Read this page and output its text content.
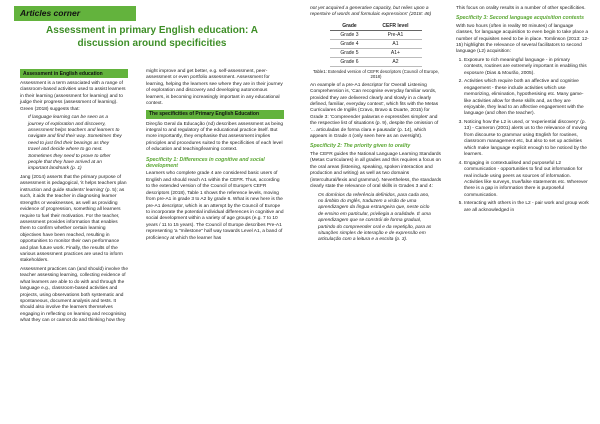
Articles corner
Assessment in primary English education: A discussion around specificities
Assessment in English education

Assessment is a term associated with a range of classroom-based activities used to assist learners in their learning (assessment for learning) and to judge their progress (assessment of learning). Green (2018) suggests that:

If language learning can be seen as a journey of exploration and discovery, assessment helps teachers and learners to navigate and find their way. Sometimes they need to just find their bearings as they travel and decide where to go next. Sometimes they need to prove to other people that they have arrived at an important landmark (p. 1)

Jang (2014) asserts that the primary purpose of assessment is pedagogical, 'it helps teachers plan instruction and guide students' learning' (p. 5); as such, it aids the teacher in diagnosing learner strengths or weaknesses, as well as providing evidence of progression, something all learners require to fuel their motivation. For the teacher, assessment provides information that enables them to confirm whether certain learning objectives have been reached, resulting in opportunities to monitor their own performance and plan future work. Finally, the results of the various assessment practices are used to inform stakeholders.

Assessment practices can (and should) involve the teacher assessing learning, collecting evidence of what learners are able to do with and through the language e.g., classroom-based activities and projects, using observations both systematic and spontaneous, document analysis and tests. It should also involve the learners themselves engaging in reflecting on learning and recognising what they can or cannot do and thinking how they

might improve and get better, e.g. self-assessment, peer-assessment or even portfolio assessment. Assessment for learning, helping the learners see where they are in their journey of exploration and discovery and developing autonomous learners, is becoming increasingly important in any educational context.

The specificities of Primary English Education

Direção Geral da Educação (nd) describes assessment as being integral to and regulatory of the educational practice itself. But more importantly, they emphasise that assessment implies principles and procedures suited to the specificities of each level of education and teaching/learning context.

Specificity 1: Differences in cognitive and social development

Learners who complete grade 4 are considered basic users of English and should reach A1 within the CEFR. Thus, according to the extended version of the Council of Europe's CEFR descriptors (2018), Table 1 shows the reference levels, moving from pre-A1 in grade 3 to A2 by grade 6. What is new here is the pre-A1 descriptor, which is an attempt by the Council of Europe to incorporate the potential individual differences in cognitive and social development within a variety of age groups (e.g. 7 to 10 years / 11 to 15 years). The Council of Europe describes Pre-A1 representing 'a "milestone" half way towards Level A1, a band of proficiency at which the learner has

not yet acquired a generative capacity, but relies upon a repertoire of words and formulaic expressions' (2018: 46)

Grade	CEFR level
Grade 3	Pre-A1
Grade 4	A1
Grade 5	A1+
Grade 6	A2
Table1: Extended version of CEFR descriptors (Council of Europe, 2018)

An example of a pre-A1 descriptor for Overall Listening Comprehension is, 'Can recognise everyday familiar words, provided they are delivered clearly and slowly in a clearly defined, familiar, everyday context', which fits with the Metas Curriculares de Inglês (Cravo, Bravo & Duarte, 2015) for Grade 3: 'Compreender palavras e expressões simples' and the respective list of situations (p. 9), despite the omission of '... articuladas de forma clara e pausada' (p. 14), which appears in Grade 4 (only seen here as an oversight).

Specificity 2: The priority given to orality

The CEFR guides the National Language Learning Standards (Metas Curriculares) in all grades and this requires a focus on the oral areas (listening, speaking, spoken interaction and production and writing) as well as two domains (intercultural/lexis and grammar). Nevertheless, the standards clearly state the relevance of oral skills in Grades 3 and 4:

Os domínios da referência definidos, para cada ano, no âmbito do Inglês, traduzem a visão de uma aprendizagem da língua estrangeira que, neste ciclo de ensino em particular, privilegia a oralidade. É uma aprendizagem que se constrói de forma gradual, partindo do compreender oral e da repetição, para as situações simples de interação e de expressão em articulação com a leitura e a escrita (p. 3).

This focus on orality results in a number of other specificities.

Specificity 3: Second language acquisition contexts

With two hours (often in reality 90 minutes) of language classes, for language acquisition to even begin to take place a number of requisites need to be in place. Tomlinson (2013: 12-15) highlights the relevance of several facilitators to second language (L2) acquisition:

1. Exposure to rich meaningful language - in primary contexts, routines are extremely important in enabling this exposure (Dias & Mourão, 2005).
2. Activities which require both an affective and cognitive engagement - these include activities which use memorizing, elimination, hypothesising etc. Many game-like activities allow for these skills and, as they are enjoyable, they lead to an affective engagement with the language (and often the teacher).
3. Noticing how the L2 is used, or 'experiential discovery' (p. 13) - Cameron (2001) alerts us to the relevance of moving from discourse to grammar using English for routines, classroom management etc, but also to set up activities which make language explicit enough to be noticed by the learners.
4. Engaging in contextualised and purposeful L2 communication - opportunities to find out information for real include using peers as sources of information. Activities like surveys, true/false statements etc. Wherever there is a gap in information there is purposeful communication.
5. Interacting with others in the L2 - pair work and group work are all acknowledged in
